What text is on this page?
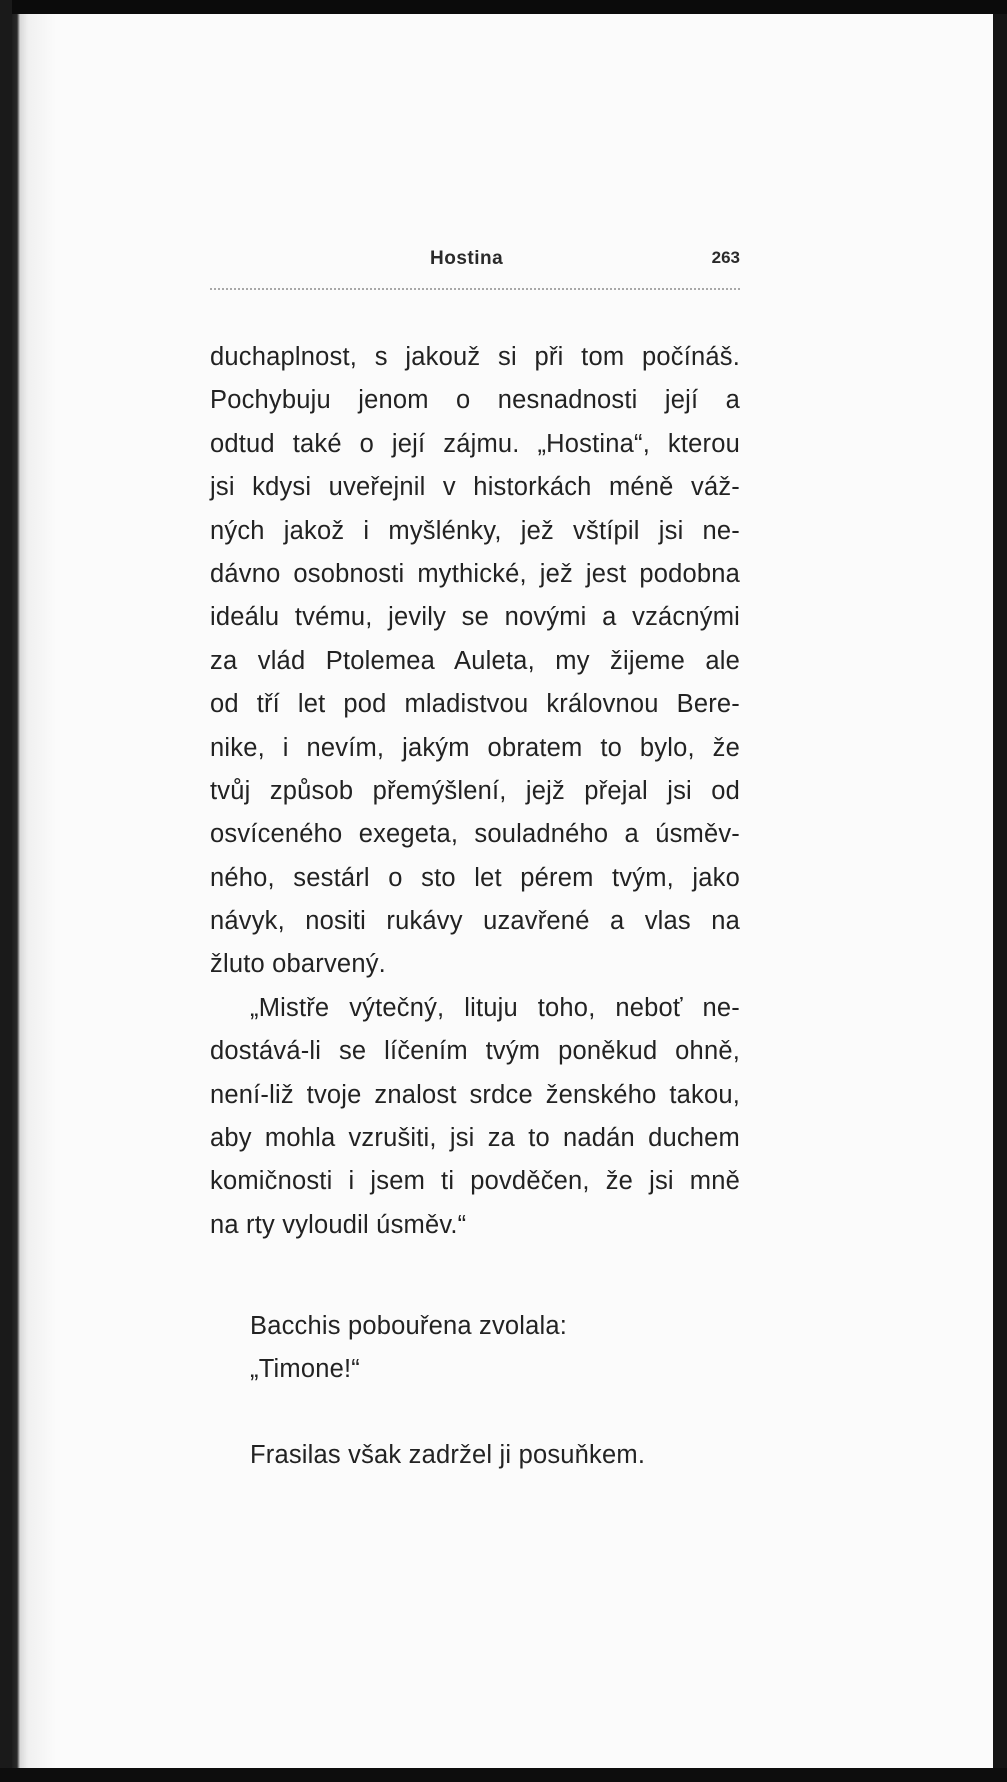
Hostina	263
duchaplnost, s jakouž si při tom počínáš.
Pochybuju jenom o nesnadnosti její a
odtud také o její zájmu. „Hostina“, kterou
jsi kdysi uveřejnil v historkách méně váž-
ných jakož i myšlénky, jež vštípil jsi ne-
dávno osobnosti mythické, jež jest podobna
ideálu tvému, jevily se novými a vzácnými
za vlád Ptolemea Auleta, my žijeme ale
od tří let pod mladistvou královnou Bere-
nike, i nevím, jakým obratem to bylo, že
tvůj způsob přemýšlení, jejž přejal jsi od
osvíceného exegeta, souladného a úsměv-
ného, sestárl o sto let pérem tvým, jako
návyk, nositi rukávy uzavřené a vlas na
žluto obarvený.
„Mistře výtečný, lituju toho, neboť ne-
dostává-li se líčením tvým poněkud ohně,
není-liž tvoje znalost srdce ženského takou,
aby mohla vzrušiti, jsi za to nadán duchem
komičnosti i jsem ti povděčen, že jsi mně
na rty vyloudil úsměv.“
Bacchis pobouřena zvolala:
„Timone!“
Frasilas však zadržel ji posuňkem.
